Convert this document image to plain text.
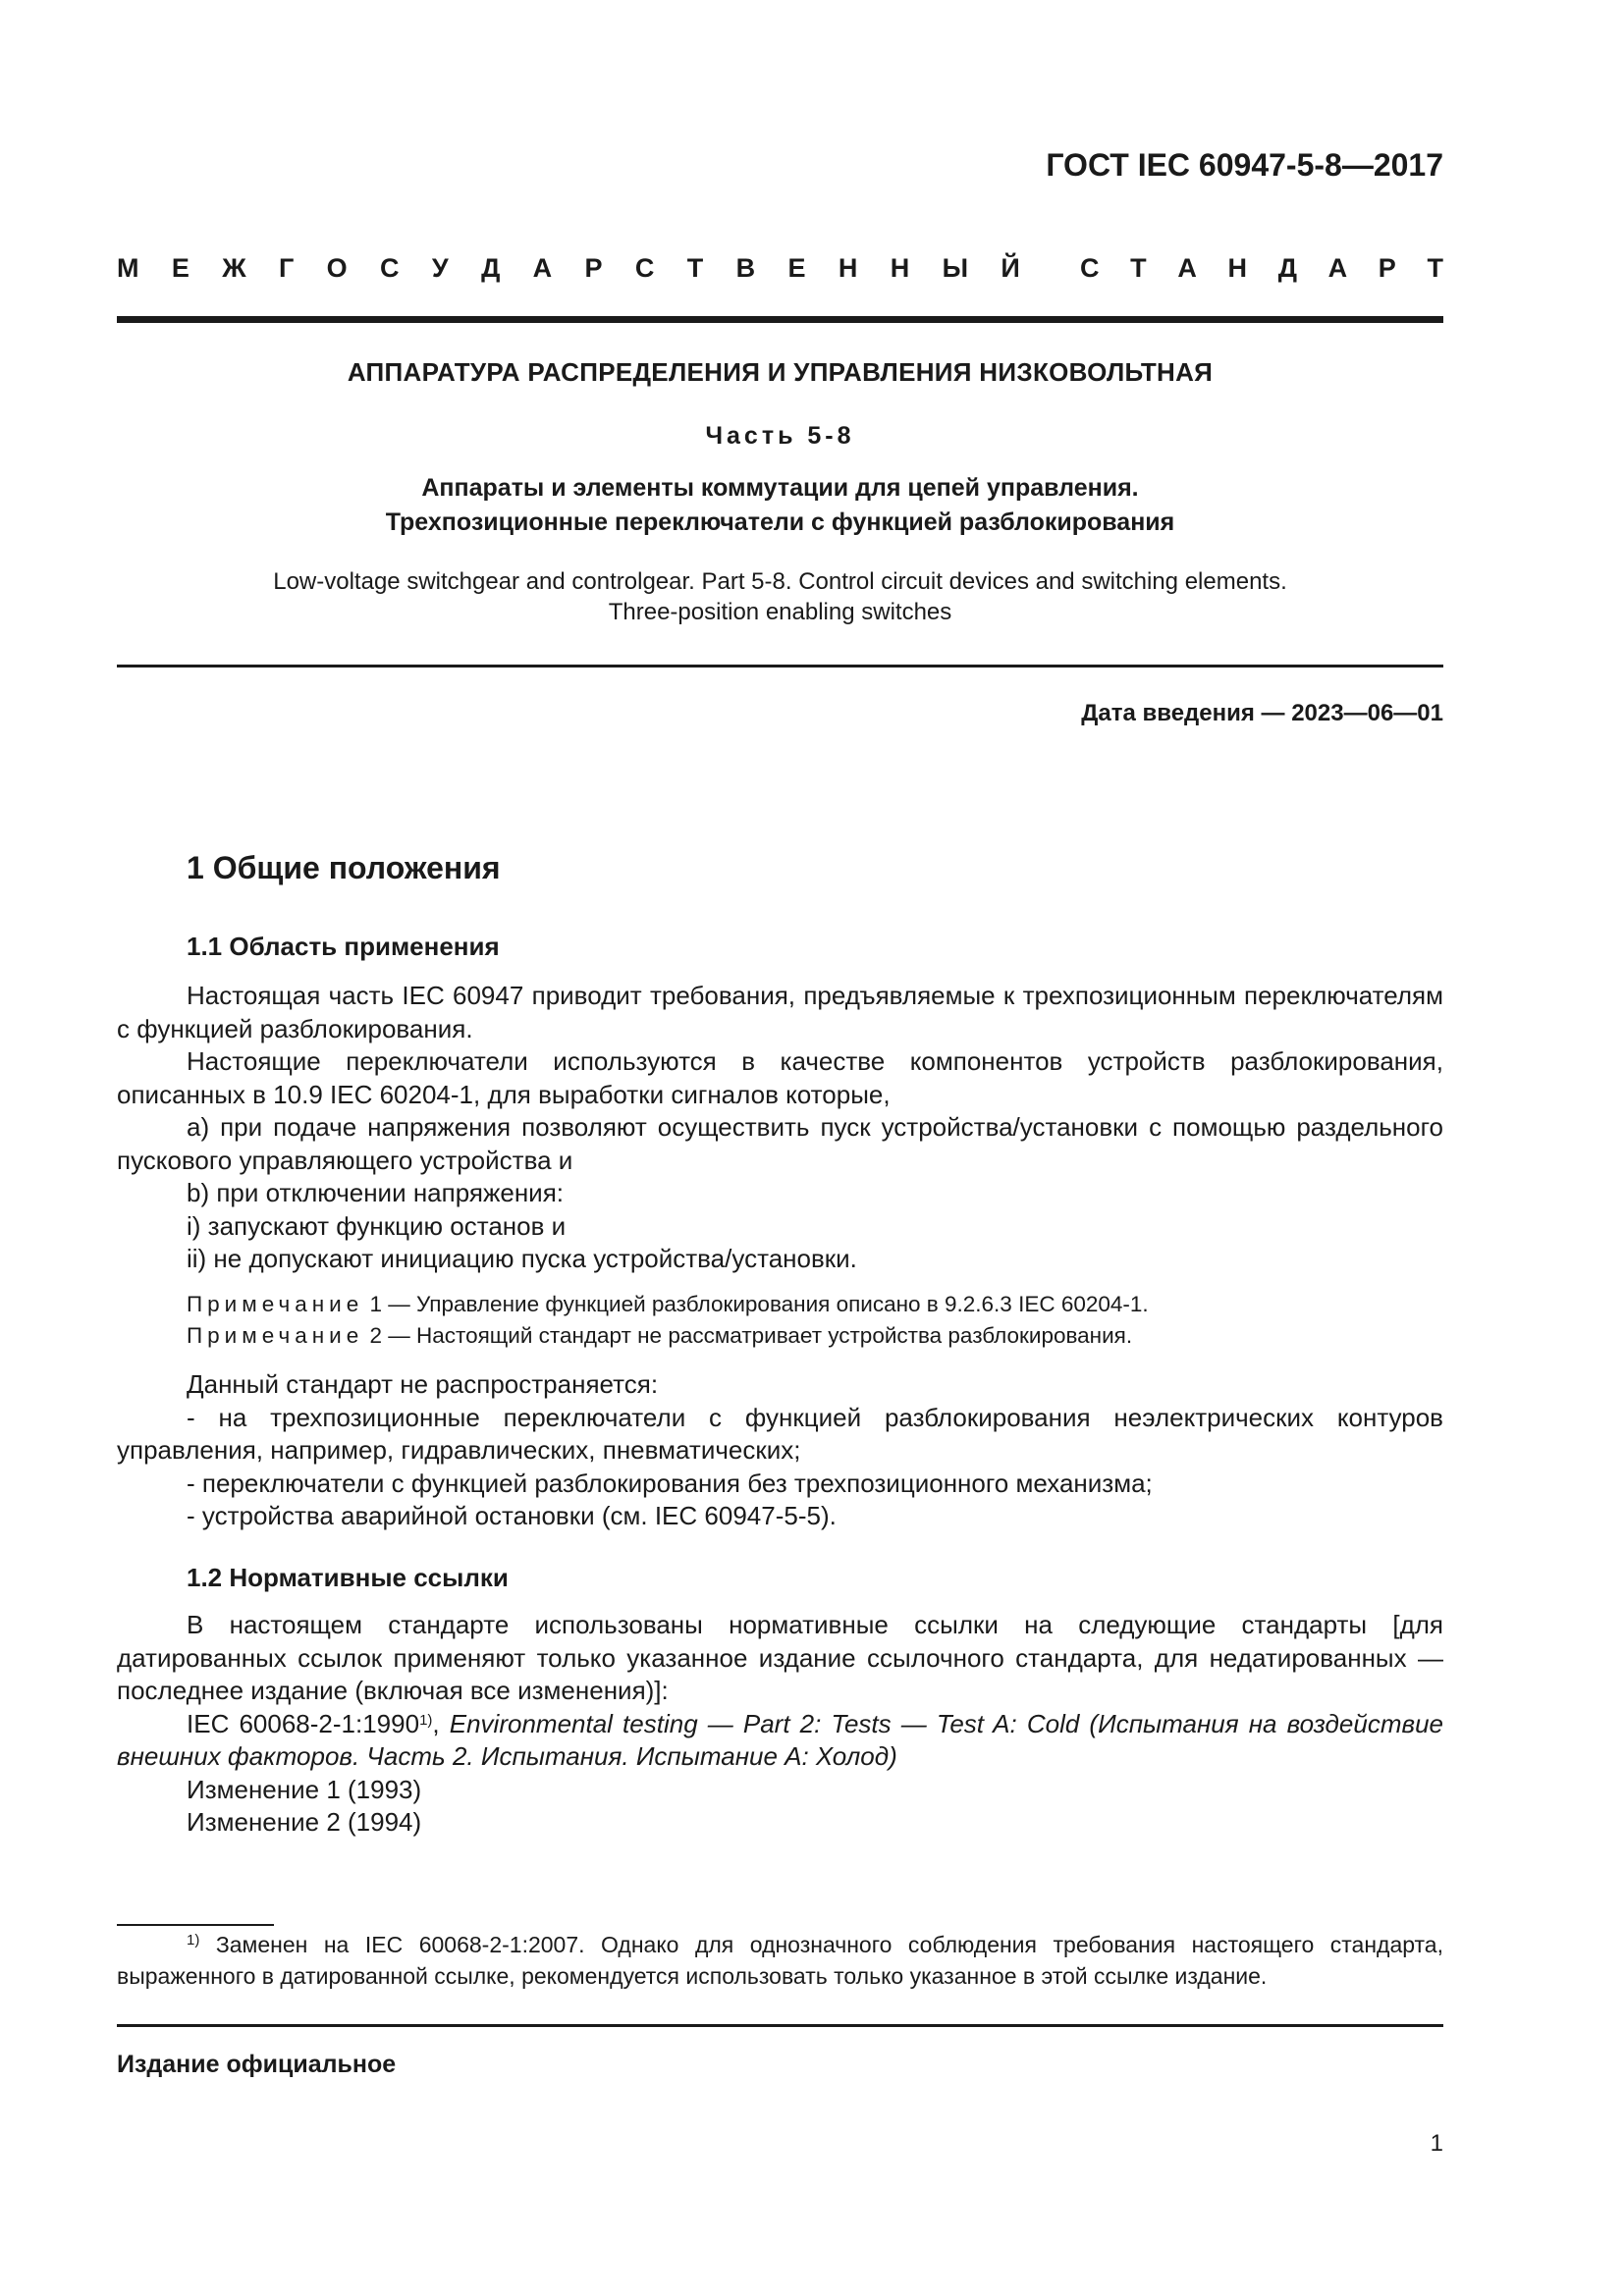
ГОСТ IEC 60947-5-8—2017
М Е Ж Г О С У Д А Р С Т В Е Н Н Ы Й С Т А Н Д А Р Т
АППАРАТУРА РАСПРЕДЕЛЕНИЯ И УПРАВЛЕНИЯ НИЗКОВОЛЬТНАЯ
Часть 5-8
Аппараты и элементы коммутации для цепей управления.
Трехпозиционные переключатели с функцией разблокирования
Low-voltage switchgear and controlgear. Part 5-8. Control circuit devices and switching elements.
Three-position enabling switches
Дата введения — 2023—06—01
1 Общие положения
1.1 Область применения

Настоящая часть IEC 60947 приводит требования, предъявляемые к трехпозиционным переключателям с функцией разблокирования.

Настоящие переключатели используются в качестве компонентов устройств разблокирования, описанных в 10.9 IEC 60204-1, для выработки сигналов которые,

a) при подаче напряжения позволяют осуществить пуск устройства/установки с помощью раздельного пускового управляющего устройства и

b) при отключении напряжения:

i) запускают функцию останов и

ii) не допускают инициацию пуска устройства/установки.

Примечание 1 — Управление функцией разблокирования описано в 9.2.6.3 IEC 60204-1.

Примечание 2 — Настоящий стандарт не рассматривает устройства разблокирования.

Данный стандарт не распространяется:

- на трехпозиционные переключатели с функцией разблокирования неэлектрических контуров управления, например, гидравлических, пневматических;

- переключатели с функцией разблокирования без трехпозиционного механизма;

- устройства аварийной остановки (см. IEC 60947-5-5).

1.2 Нормативные ссылки

В настоящем стандарте использованы нормативные ссылки на следующие стандарты [для датированных ссылок применяют только указанное издание ссылочного стандарта, для недатированных — последнее издание (включая все изменения)]:

IEC 60068-2-1:1990$^{1)}$, Environmental testing — Part 2: Tests — Test A: Cold (Испытания на воздействие внешних факторов. Часть 2. Испытания. Испытание А: Холод)

Изменение 1 (1993)

Изменение 2 (1994)

$^{1)}$ Заменен на IEC 60068-2-1:2007. Однако для однозначного соблюдения требования настоящего стандарта, выраженного в датированной ссылке, рекомендуется использовать только указанное в этой ссылке издание.

Издание официальное
1
